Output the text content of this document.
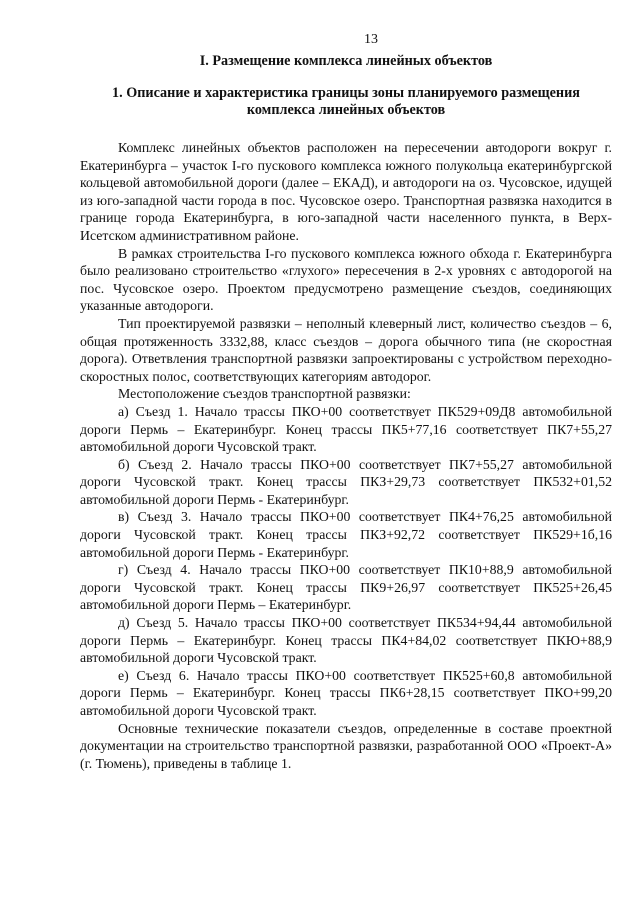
13
I. Размещение комплекса линейных объектов
1. Описание и характеристика границы зоны планируемого размещения комплекса линейных объектов

Комплекс линейных объектов расположен на пересечении автодороги вокруг г. Екатеринбурга – участок I-го пускового комплекса южного полукольца екатеринбургской кольцевой автомобильной дороги (далее – ЕКАД), и автодороги на оз. Чусовское, идущей из юго-западной части города в пос. Чусовское озеро. Транспортная развязка находится в границе города Екатеринбурга, в юго-западной части населенного пункта, в Верх-Исетском административном районе.

В рамках строительства I-го пускового комплекса южного обхода г. Екатеринбурга было реализовано строительство «глухого» пересечения в 2-х уровнях с автодорогой на пос. Чусовское озеро. Проектом предусмотрено размещение съездов, соединяющих указанные автодороги.

Тип проектируемой развязки – неполный клеверный лист, количество съездов – 6, общая протяженность 3332,88, класс съездов – дорога обычного типа (не скоростная дорога). Ответвления транспортной развязки запроектированы с устройством переходно-скоростных полос, соответствующих категориям автодорог.

Местоположение съездов транспортной развязки:

а) Съезд 1. Начало трассы ПКО+00 соответствует ПК529+09Д8 автомобильной дороги Пермь – Екатеринбург. Конец трассы ПК5+77,16 соответствует ПК7+55,27 автомобильной дороги Чусовской тракт.

б) Съезд 2. Начало трассы ПКО+00 соответствует ПК7+55,27 автомобильной дороги Чусовской тракт. Конец трассы ПКЗ+29,73 соответствует ПК532+01,52 автомобильной дороги Пермь - Екатеринбург.

в) Съезд 3. Начало трассы ПКО+00 соответствует ПК4+76,25 автомобильной дороги Чусовской тракт. Конец трассы ПКЗ+92,72 соответствует ПК529+1б,16 автомобильной дороги Пермь - Екатеринбург.

г) Съезд 4. Начало трассы ПКО+00 соответствует ПК10+88,9 автомобильной дороги Чусовской тракт. Конец трассы ПК9+26,97 соответствует ПК525+26,45 автомобильной дороги Пермь – Екатеринбург.

д) Съезд 5. Начало трассы ПКО+00 соответствует ПК534+94,44 автомобильной дороги Пермь – Екатеринбург. Конец трассы ПК4+84,02 соответствует ПКЮ+88,9 автомобильной дороги Чусовской тракт.

е) Съезд 6. Начало трассы ПКО+00 соответствует ПК525+60,8 автомобильной дороги Пермь – Екатеринбург. Конец трассы ПК6+28,15 соответствует ПКО+99,20 автомобильной дороги Чусовской тракт.

Основные технические показатели съездов, определенные в составе проектной документации на строительство транспортной развязки, разработанной ООО «Проект-А» (г. Тюмень), приведены в таблице 1.
